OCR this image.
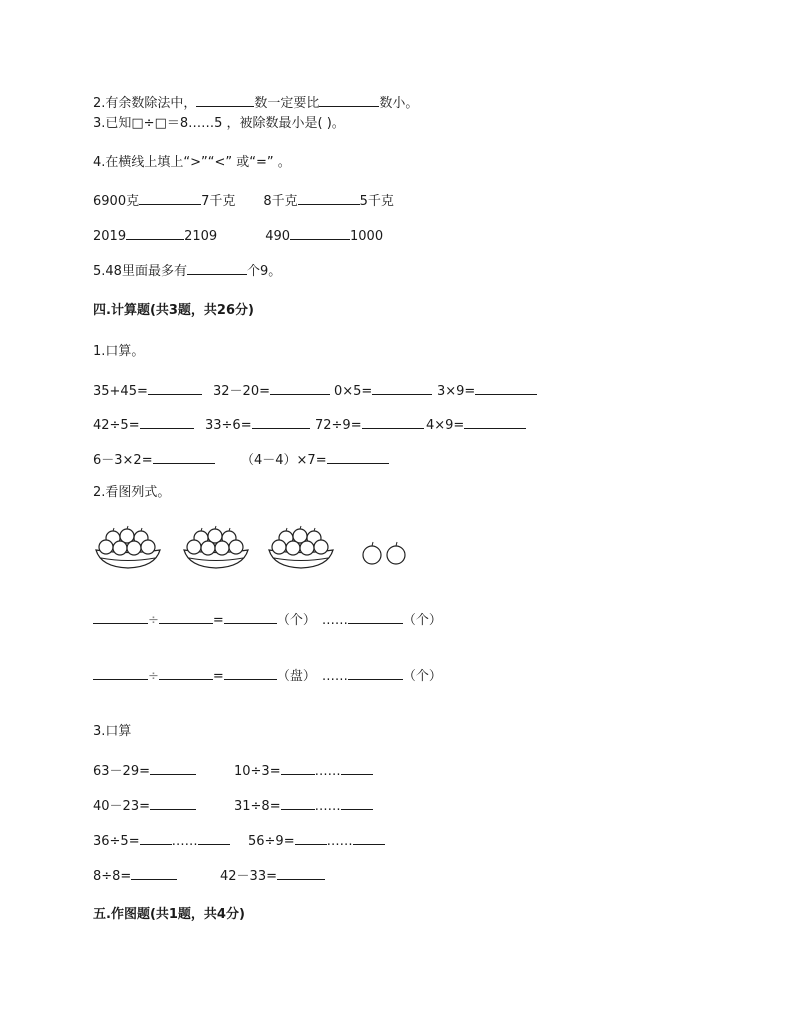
2.有余数除法中，	数一定要比	数小。
3.已知□÷□＝8……5 ，被除数最小是( )。
4.在横线上填上“>”“<” 或“=” 。
6900克	7千克 8千克	5千克
2019	2109	490	1000
5.48里面最多有	个9。
四.计算题(共3题，共26分)
1.口算。
35+45=	32－20=	0×5=	3×9=
42÷5=	33÷6=	72÷9=	4×9=
6－3×2=	（4－4）×7=
2.看图列式。
÷	=	（个） ……	（个）
÷	=	（盘） ……	（个）
3.口算
63－29=	10÷3=	……
40－23=	31÷8=	……
36÷5= ……	56÷9= ……
8÷8=	42－33=
五.作图题(共1题，共4分)
